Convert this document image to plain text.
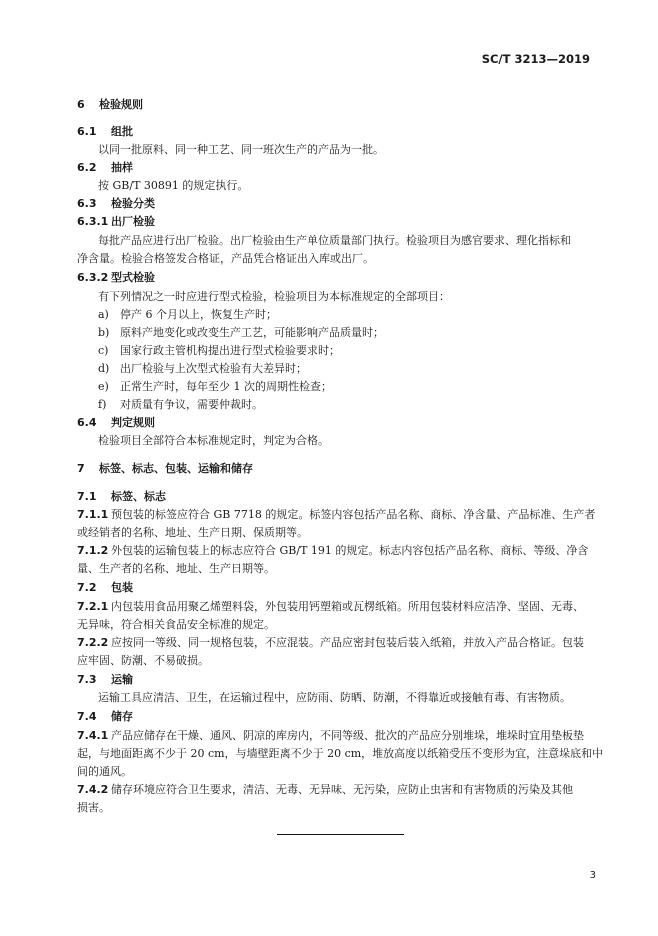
SC/T 3213—2019
6 检验规则
6.1 组批
以同一批原料、同一种工艺、同一班次生产的产品为一批。
6.2 抽样
按 GB/T 30891 的规定执行。
6.3 检验分类
6.3.1 出厂检验
每批产品应进行出厂检验。出厂检验由生产单位质量部门执行。检验项目为感官要求、理化指标和
净含量。检验合格签发合格证，产品凭合格证出入库或出厂。
6.3.2 型式检验
有下列情况之一时应进行型式检验，检验项目为本标准规定的全部项目：
a) 停产 6 个月以上，恢复生产时；
b) 原料产地变化或改变生产工艺，可能影响产品质量时；
c) 国家行政主管机构提出进行型式检验要求时；
d) 出厂检验与上次型式检验有大差异时；
e) 正常生产时，每年至少 1 次的周期性检查；
f) 对质量有争议，需要仲裁时。
6.4 判定规则
检验项目全部符合本标准规定时，判定为合格。
7 标签、标志、包装、运输和储存
7.1 标签、标志
7.1.1 预包装的标签应符合 GB 7718 的规定。标签内容包括产品名称、商标、净含量、产品标准、生产者
或经销者的名称、地址、生产日期、保质期等。
7.1.2 外包装的运输包装上的标志应符合 GB/T 191 的规定。标志内容包括产品名称、商标、等级、净含
量、生产者的名称、地址、生产日期等。
7.2 包装
7.2.1 内包装用食品用聚乙烯塑料袋，外包装用钙塑箱或瓦楞纸箱。所用包装材料应洁净、坚固、无毒、
无异味，符合相关食品安全标准的规定。
7.2.2 应按同一等级、同一规格包装，不应混装。产品应密封包装后装入纸箱，并放入产品合格证。包装
应牢固、防潮、不易破损。
7.3 运输
运输工具应清洁、卫生，在运输过程中，应防雨、防晒、防潮，不得靠近或接触有毒、有害物质。
7.4 储存
7.4.1 产品应储存在干燥、通风、阴凉的库房内，不同等级、批次的产品应分别堆垛，堆垛时宜用垫板垫
起，与地面距离不少于 20 cm，与墙壁距离不少于 20 cm，堆放高度以纸箱受压不变形为宜，注意垛底和中
间的通风。
7.4.2 储存环境应符合卫生要求，清洁、无毒、无异味、无污染，应防止虫害和有害物质的污染及其他
损害。
3
